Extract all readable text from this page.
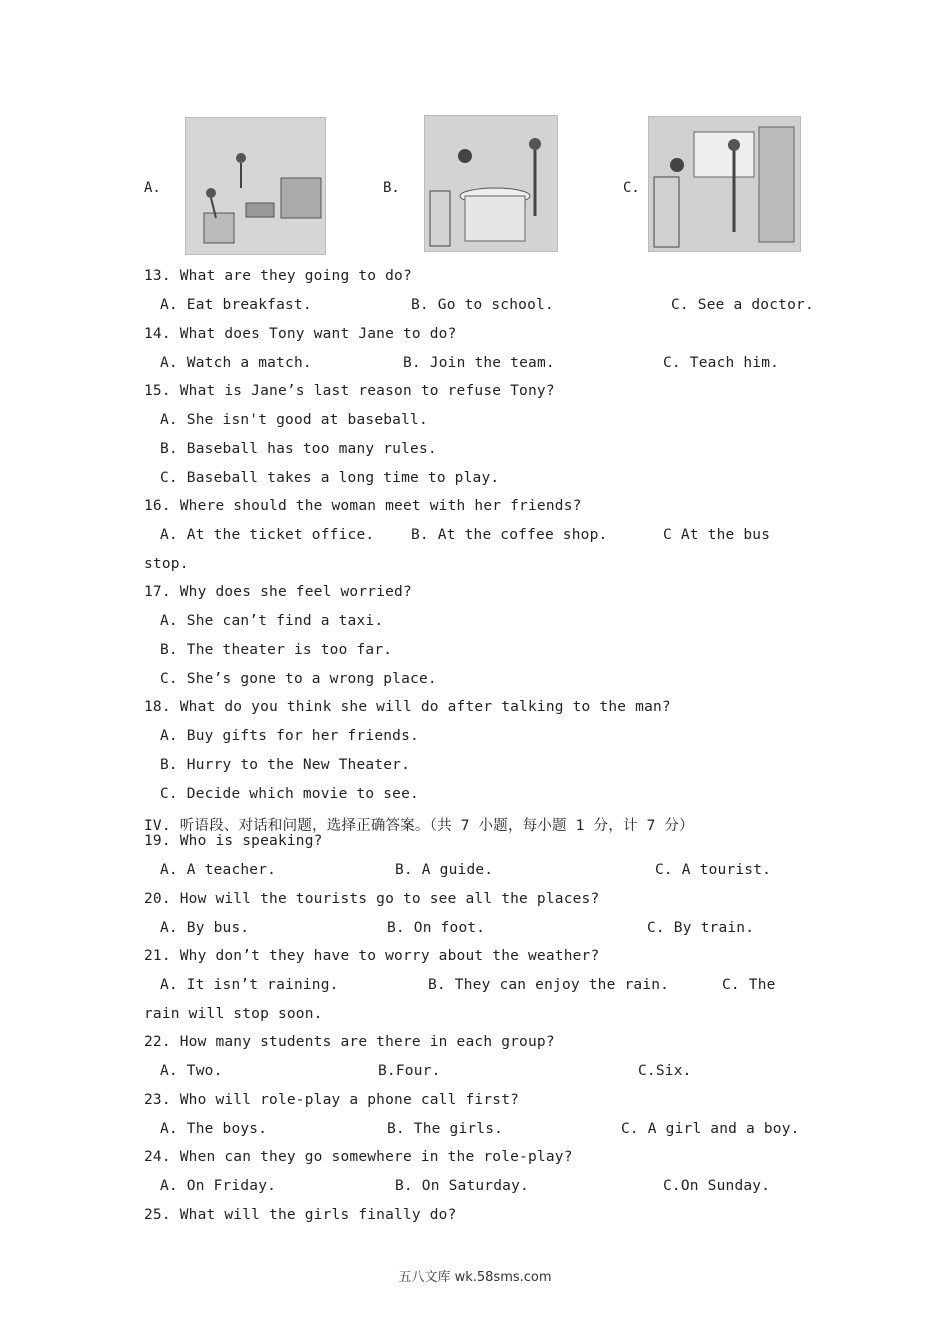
A.	B.	C.
13. What are they going to do?
A. Eat breakfast.	B. Go to school.	C. See a doctor.
14. What does Tony want Jane to do?
A. Watch a match.	B. Join the team.	C. Teach him.
15. What is Jane’s last reason to refuse Tony?
A. She isn't good at baseball.
B. Baseball has too many rules.
C. Baseball takes a long time to play.
16. Where should the woman meet with her friends?
A. At the ticket office.	B. At the coffee shop.	C At the bus
stop.
17. Why does she feel worried?
A. She can’t find a taxi.
B. The theater is too far.
C. She’s gone to a wrong place.
18. What do you think she will do after talking to the man?
A. Buy gifts for her friends.
B. Hurry to the New Theater.
C. Decide which movie to see.
IV. 听语段、对话和问题，选择正确答案。（共 7 小题，每小题 1 分，计 7 分）
19. Who is speaking?
A. A teacher.	B. A guide.	C. A tourist.
20. How will the tourists go to see all the places?
A. By bus.	B. On foot.	C. By train.
21. Why don’t they have to worry about the weather?
A. It isn’t raining.	B. They can enjoy the rain.	C. The
rain will stop soon.
22. How many students are there in each group?
A. Two.	B.Four.	C.Six.
23. Who will role-play a phone call first?
A. The boys.	B. The girls.	C. A girl and a boy.
24. When can they go somewhere in the role-play?
A. On Friday.	B. On Saturday.	C.On Sunday.
25. What will the girls finally do?
五八文库 wk.58sms.com
